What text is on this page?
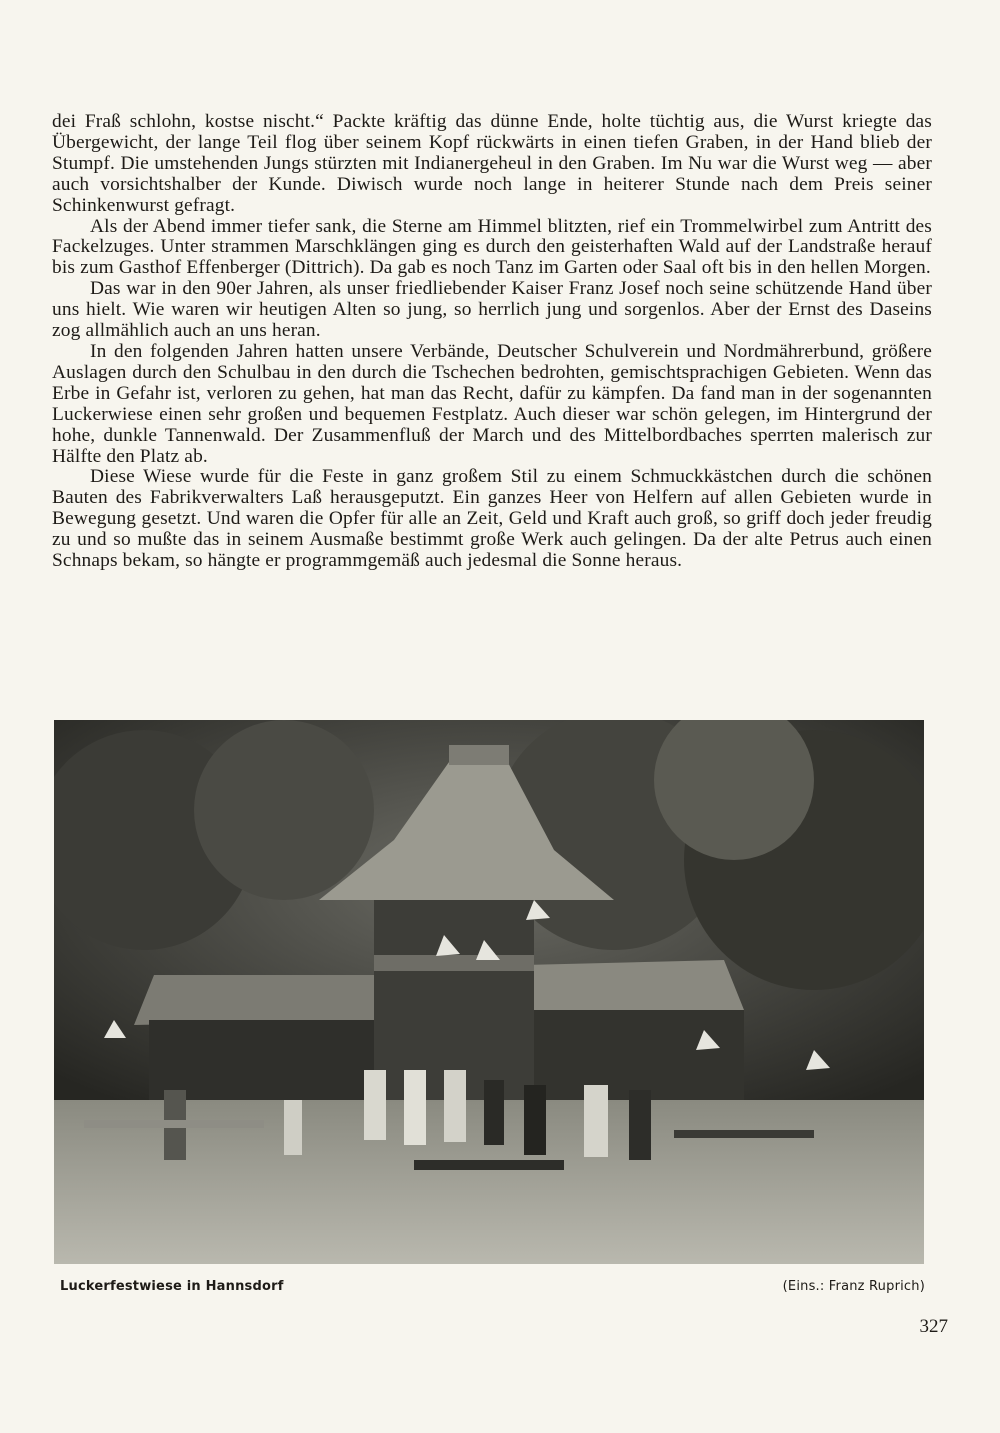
dei Fraß schlohn, kostse nischt.“ Packte kräftig das dünne Ende, holte tüchtig aus, die Wurst kriegte das Übergewicht, der lange Teil flog über seinem Kopf rückwärts in einen tiefen Graben, in der Hand blieb der Stumpf. Die umstehenden Jungs stürzten mit Indianergeheul in den Graben. Im Nu war die Wurst weg — aber auch vorsichtshalber der Kunde. Diwisch wurde noch lange in heiterer Stunde nach dem Preis seiner Schinkenwurst gefragt.

Als der Abend immer tiefer sank, die Sterne am Himmel blitzten, rief ein Trommelwirbel zum Antritt des Fackelzuges. Unter strammen Marschklängen ging es durch den geisterhaften Wald auf der Landstraße herauf bis zum Gasthof Effenberger (Dittrich). Da gab es noch Tanz im Garten oder Saal oft bis in den hellen Morgen.

Das war in den 90er Jahren, als unser friedliebender Kaiser Franz Josef noch seine schützende Hand über uns hielt. Wie waren wir heutigen Alten so jung, so herrlich jung und sorgenlos. Aber der Ernst des Daseins zog allmählich auch an uns heran.

In den folgenden Jahren hatten unsere Verbände, Deutscher Schulverein und Nordmährerbund, größere Auslagen durch den Schulbau in den durch die Tschechen bedrohten, gemischtsprachigen Gebieten. Wenn das Erbe in Gefahr ist, verloren zu gehen, hat man das Recht, dafür zu kämpfen. Da fand man in der sogenannten Luckerwiese einen sehr großen und bequemen Festplatz. Auch dieser war schön gelegen, im Hintergrund der hohe, dunkle Tannenwald. Der Zusammenfluß der March und des Mittelbordbaches sperrten malerisch zur Hälfte den Platz ab.

Diese Wiese wurde für die Feste in ganz großem Stil zu einem Schmuckkästchen durch die schönen Bauten des Fabrikverwalters Laß herausgeputzt. Ein ganzes Heer von Helfern auf allen Gebieten wurde in Bewegung gesetzt. Und waren die Opfer für alle an Zeit, Geld und Kraft auch groß, so griff doch jeder freudig zu und so mußte das in seinem Ausmaße bestimmt große Werk auch gelingen. Da der alte Petrus auch einen Schnaps bekam, so hängte er programmgemäß auch jedesmal die Sonne heraus.

Luckerfestwiese in Hannsdorf	(Eins.: Franz Ruprich)
327
